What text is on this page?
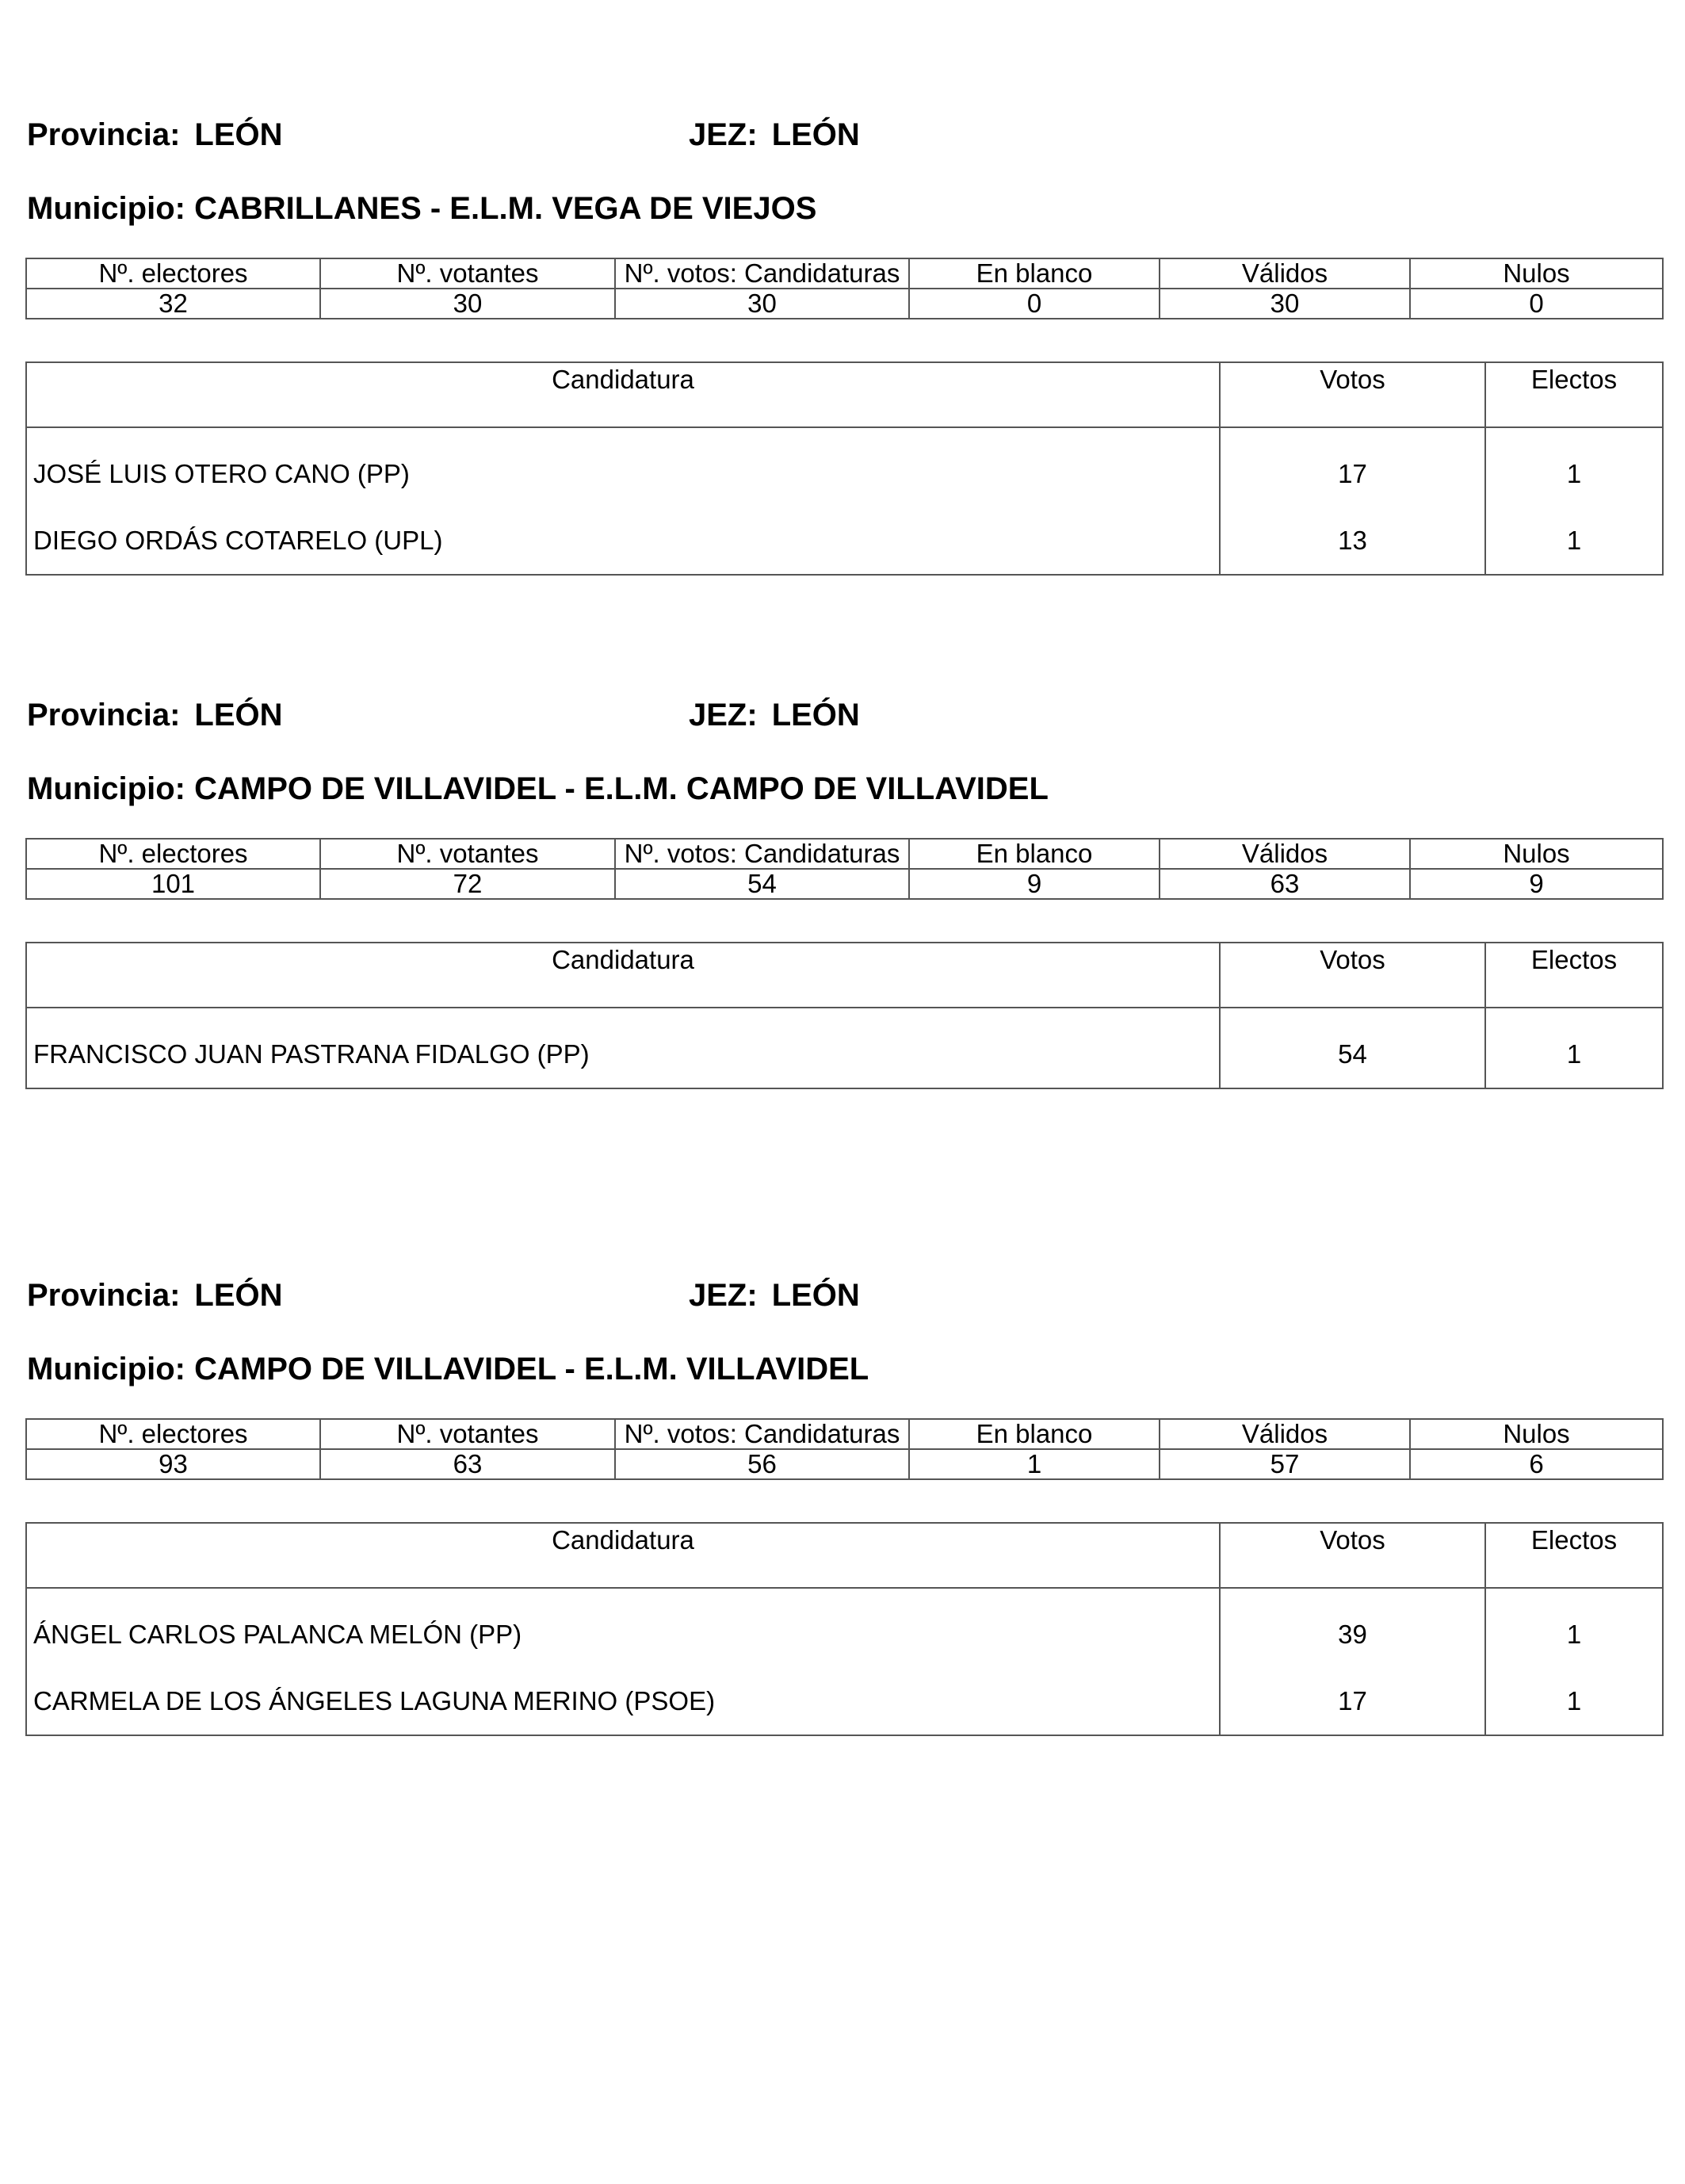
Provincia: LEÓN	JEZ: LEÓN
Municipio: CABRILLANES - E.L.M. VEGA DE VIEJOS
Nº. electores	Nº. votantes	Nº. votos: Candidaturas	En blanco	Válidos	Nulos
32	30	30	0	30	0
Candidatura	Votos	Electos
JOSÉ LUIS OTERO CANO (PP)	17	1
DIEGO ORDÁS COTARELO (UPL)	13	1
Provincia: LEÓN	JEZ: LEÓN
Municipio: CAMPO DE VILLAVIDEL - E.L.M. CAMPO DE VILLAVIDEL
Nº. electores	Nº. votantes	Nº. votos: Candidaturas	En blanco	Válidos	Nulos
101	72	54	9	63	9
Candidatura	Votos	Electos
FRANCISCO JUAN PASTRANA FIDALGO (PP)	54	1
Provincia: LEÓN	JEZ: LEÓN
Municipio: CAMPO DE VILLAVIDEL - E.L.M. VILLAVIDEL
Nº. electores	Nº. votantes	Nº. votos: Candidaturas	En blanco	Válidos	Nulos
93	63	56	1	57	6
Candidatura	Votos	Electos
ÁNGEL CARLOS PALANCA MELÓN (PP)	39	1
CARMELA DE LOS ÁNGELES LAGUNA MERINO (PSOE)	17	1
